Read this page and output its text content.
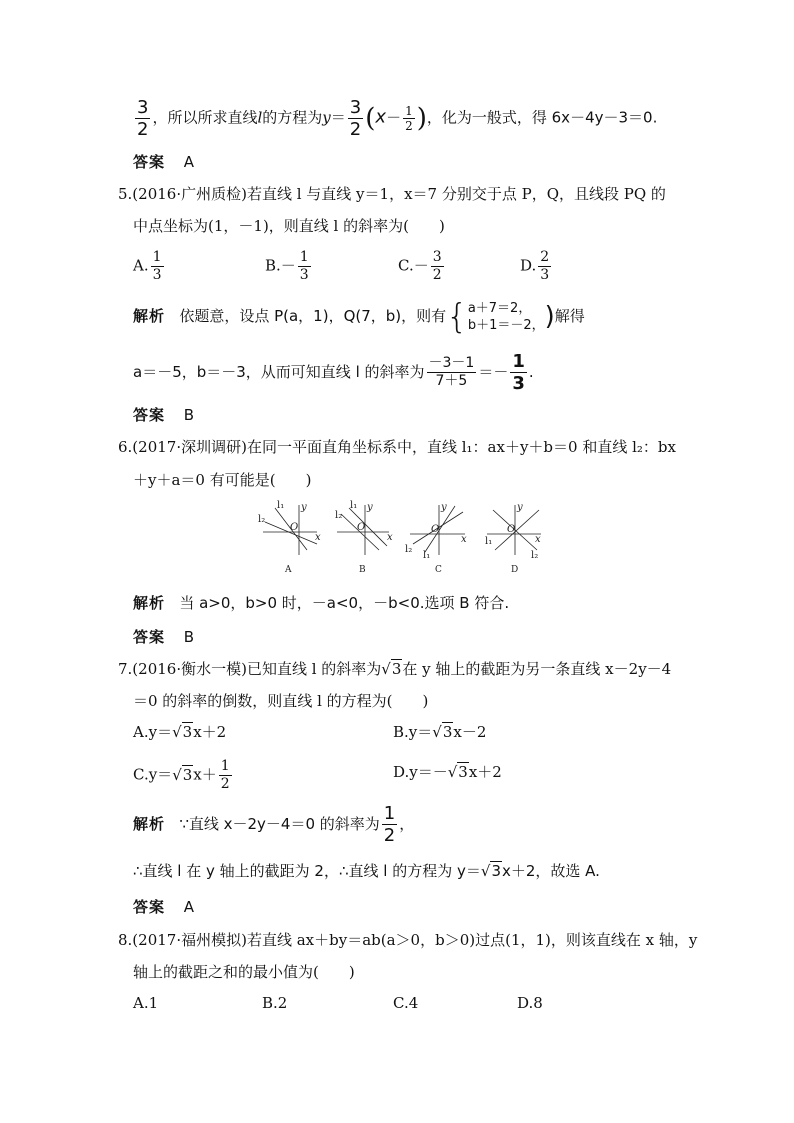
$\frac{3}{2}$ ，所以所求直线l的方程为$y= \frac{3}{2} (x- \frac{1}{2}$ )，化为一般式，得 6x－4y－3＝0.
答案 A
5.(2016·广州质检)若直线 l 与直线 y＝1，x＝7 分别交于点 P，Q，且线段 PQ 的
中点坐标为(1，－1)，则直线 l 的斜率为(　　)
A. $\frac{1}{3}$	$B.- \frac{1}{3}$	$C.- \frac{3}{2}$	D. $\frac{2}{3}$
解析 依题意，设点 P(a，1)，Q(7，b)，则有{ a＋7＝2，
b＋1＝－2， )解得
a＝－5，b＝－3，从而可知直线 l 的斜率为 $\frac{-3-1}{7+5} =- \frac{1}{3}$ .
答案 B
6.(2017·深圳调研)在同一平面直角坐标系中，直线 l₁：ax＋y＋b＝0 和直线 l₂：bx
＋y＋a＝0 有可能是(　　)
y
x
O
l₁
l₂
y
x
O
l₁
l₂
y
x
O
l₂
l₁
y
x
O
l₁
l₂
A	B	C	D
解析 当 a>0，b>0 时，－a<0，－b<0.选项 B 符合.
答案 B
7.(2016·衡水一模)已知直线 l 的斜率为√3在 y 轴上的截距为另一条直线 x－2y－4
＝0 的斜率的倒数，则直线 l 的方程为(　　)
A.y＝√3x＋2	B.y＝√3x－2
$C.y=√3x+ \frac{1}{2}$	D.y＝－√3x＋2
解析 ∵直线 x－2y－4＝0 的斜率为 $\frac{1}{2}$ ，
∴直线 l 在 y 轴上的截距为 2，∴直线 l 的方程为 y＝√3x＋2，故选 A.
答案 A
8.(2017·福州模拟)若直线 ax＋by＝ab(a＞0，b＞0)过点(1，1)，则该直线在 x 轴，y
轴上的截距之和的最小值为(　　)
A.1	B.2	C.4	D.8
